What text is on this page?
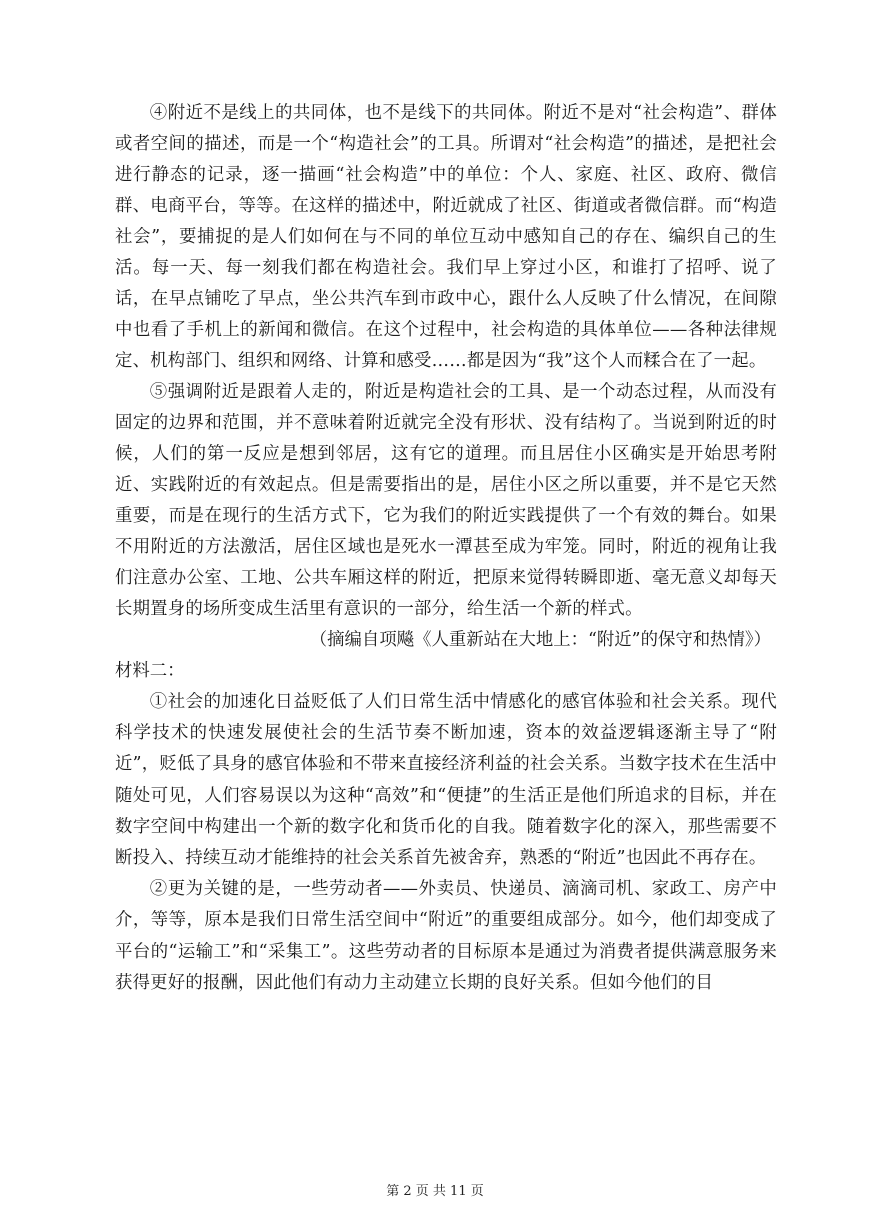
④附近不是线上的共同体，也不是线下的共同体。附近不是对“社会构造”、群体或者空间的描述，而是一个“构造社会”的工具。所谓对“社会构造”的描述，是把社会进行静态的记录，逐一描画“社会构造”中的单位：个人、家庭、社区、政府、微信群、电商平台，等等。在这样的描述中，附近就成了社区、街道或者微信群。而“构造社会”，要捕捉的是人们如何在与不同的单位互动中感知自己的存在、编织自己的生活。每一天、每一刻我们都在构造社会。我们早上穿过小区，和谁打了招呼、说了话，在早点铺吃了早点，坐公共汽车到市政中心，跟什么人反映了什么情况，在间隙中也看了手机上的新闻和微信。在这个过程中，社会构造的具体单位——各种法律规定、机构部门、组织和网络、计算和感受……都是因为“我”这个人而糅合在了一起。

⑤强调附近是跟着人走的，附近是构造社会的工具、是一个动态过程，从而没有固定的边界和范围，并不意味着附近就完全没有形状、没有结构了。当说到附近的时候，人们的第一反应是想到邻居，这有它的道理。而且居住小区确实是开始思考附近、实践附近的有效起点。但是需要指出的是，居住小区之所以重要，并不是它天然重要，而是在现行的生活方式下，它为我们的附近实践提供了一个有效的舞台。如果不用附近的方法激活，居住区域也是死水一潭甚至成为牢笼。同时，附近的视角让我们注意办公室、工地、公共车厢这样的附近，把原来觉得转瞬即逝、毫无意义却每天长期置身的场所变成生活里有意识的一部分，给生活一个新的样式。

（摘编自项飚《人重新站在大地上：“附近”的保守和热情》）

材料二：

①社会的加速化日益贬低了人们日常生活中情感化的感官体验和社会关系。现代科学技术的快速发展使社会的生活节奏不断加速，资本的效益逻辑逐渐主导了“附近”，贬低了具身的感官体验和不带来直接经济利益的社会关系。当数字技术在生活中随处可见，人们容易误以为这种“高效”和“便捷”的生活正是他们所追求的目标，并在数字空间中构建出一个新的数字化和货币化的自我。随着数字化的深入，那些需要不断投入、持续互动才能维持的社会关系首先被舍弃，熟悉的“附近”也因此不再存在。

②更为关键的是，一些劳动者——外卖员、快递员、滴滴司机、家政工、房产中介，等等，原本是我们日常生活空间中“附近”的重要组成部分。如今，他们却变成了平台的“运输工”和“采集工”。这些劳动者的目标原本是通过为消费者提供满意服务来获得更好的报酬，因此他们有动力主动建立长期的良好关系。但如今他们的目

第 2 页 共 11 页
